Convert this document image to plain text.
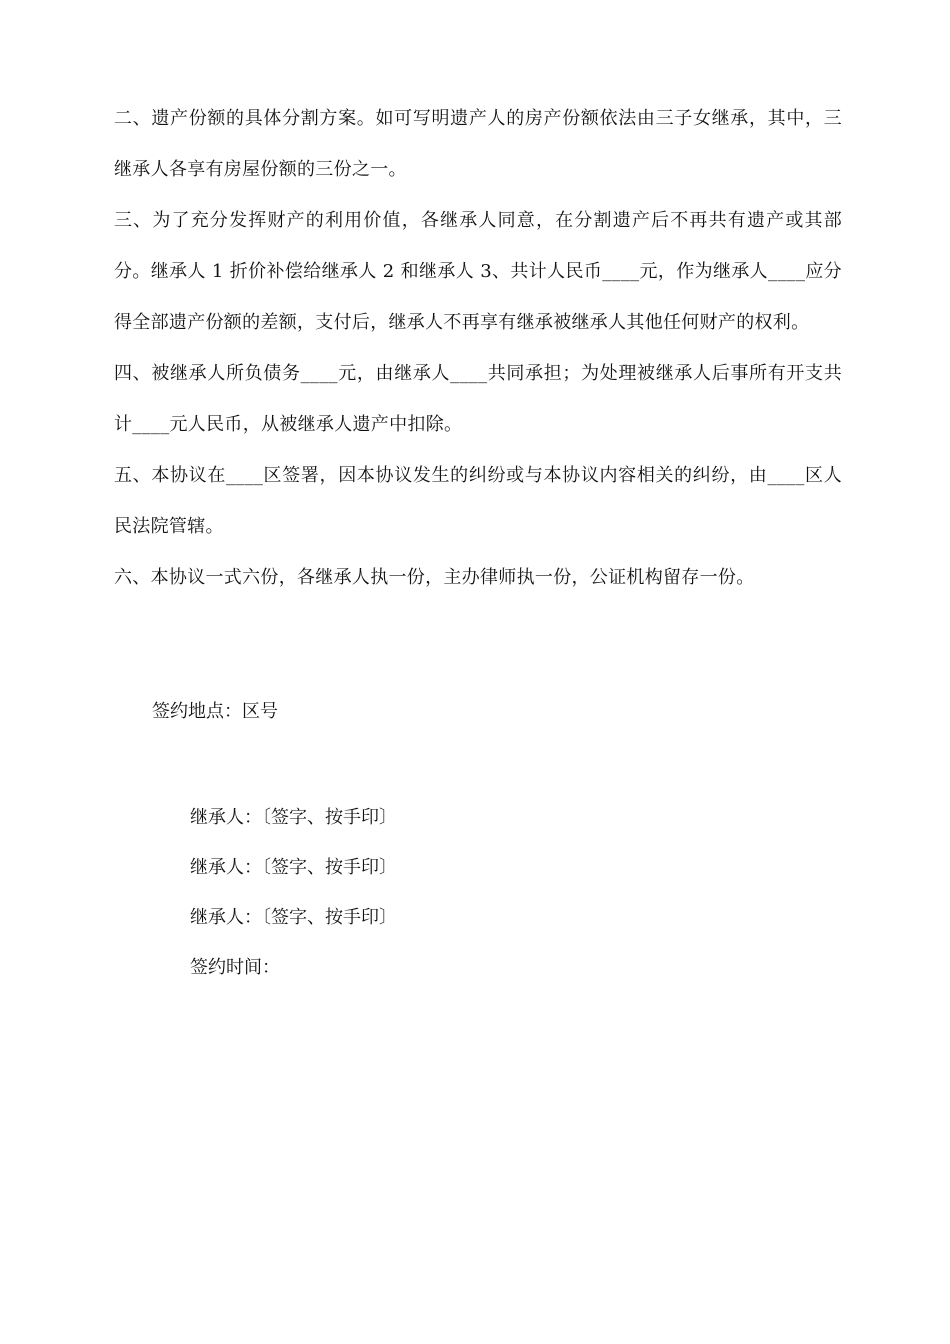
二、遗产份额的具体分割方案。如可写明遗产人的房产份额依法由三子女继承，其中，三继承人各享有房屋份额的三份之一。

三、为了充分发挥财产的利用价值，各继承人同意，在分割遗产后不再共有遗产或其部分。继承人 1 折价补偿给继承人 2 和继承人 3、共计人民币____元，作为继承人____应分得全部遗产份额的差额，支付后，继承人不再享有继承被继承人其他任何财产的权利。

四、被继承人所负债务____元，由继承人____共同承担；为处理被继承人后事所有开支共计____元人民币，从被继承人遗产中扣除。

五、本协议在____区签署，因本协议发生的纠纷或与本协议内容相关的纠纷，由____区人民法院管辖。

六、本协议一式六份，各继承人执一份，主办律师执一份，公证机构留存一份。

签约地点：区号
继承人：〔签字、按手印〕
继承人：〔签字、按手印〕
继承人：〔签字、按手印〕
签约时间：
